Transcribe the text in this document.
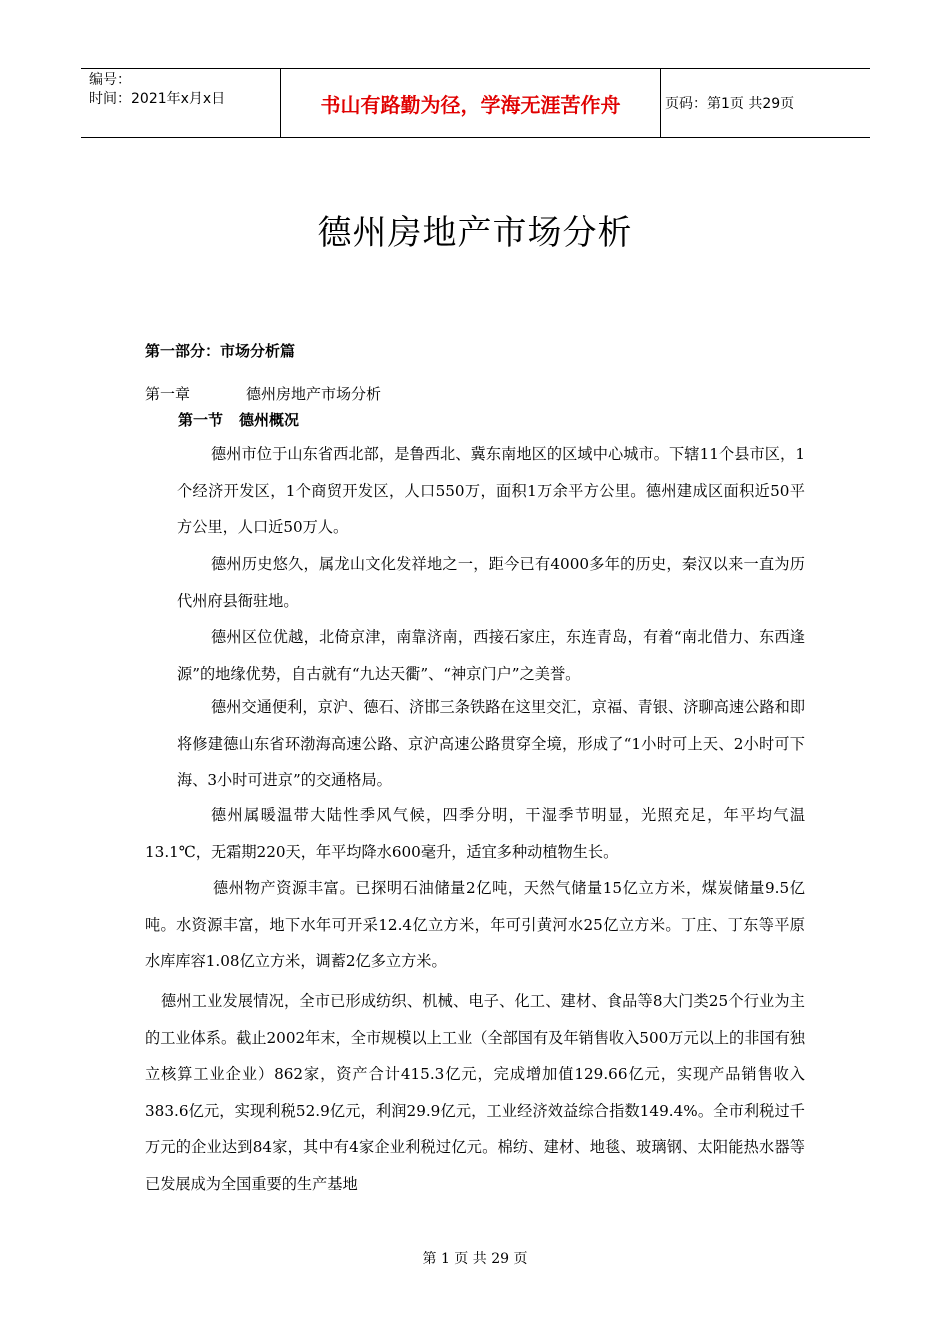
编号：
时间：2021年x月x日	书山有路勤为径，学海无涯苦作舟	页码：第1页 共29页
德州房地产市场分析
第一部分：市场分析篇
第一章	德州房地产市场分析
第一节 德州概况

德州市位于山东省西北部，是鲁西北、冀东南地区的区域中心城市。下辖11个县市区，1个经济开发区，1个商贸开发区，人口550万，面积1万余平方公里。德州建成区面积近50平方公里，人口近50万人。

德州历史悠久，属龙山文化发祥地之一，距今已有4000多年的历史，秦汉以来一直为历代州府县衙驻地。

德州区位优越，北倚京津，南靠济南，西接石家庄，东连青岛，有着“南北借力、东西逢源”的地缘优势，自古就有“九达天衢”、“神京门户”之美誉。

德州交通便利，京沪、德石、济邯三条铁路在这里交汇，京福、青银、济聊高速公路和即将修建德山东省环渤海高速公路、京沪高速公路贯穿全境，形成了“1小时可上天、2小时可下海、3小时可进京”的交通格局。

德州属暖温带大陆性季风气候，四季分明，干湿季节明显，光照充足，年平均气温13.1℃，无霜期220天，年平均降水600毫升，适宜多种动植物生长。

德州物产资源丰富。已探明石油储量2亿吨，天然气储量15亿立方米，煤炭储量9.5亿吨。水资源丰富，地下水年可开采12.4亿立方米，年可引黄河水25亿立方米。丁庄、丁东等平原水库库容1.08亿立方米，调蓄2亿多立方米。

德州工业发展情况，全市已形成纺织、机械、电子、化工、建材、食品等8大门类25个行业为主的工业体系。截止2002年末，全市规模以上工业（全部国有及年销售收入500万元以上的非国有独立核算工业企业）862家，资产合计415.3亿元，完成增加值129.66亿元，实现产品销售收入383.6亿元，实现利税52.9亿元，利润29.9亿元，工业经济效益综合指数149.4%。全市利税过千万元的企业达到84家，其中有4家企业利税过亿元。棉纺、建材、地毯、玻璃钢、太阳能热水器等已发展成为全国重要的生产基地

第 1 页 共 29 页
